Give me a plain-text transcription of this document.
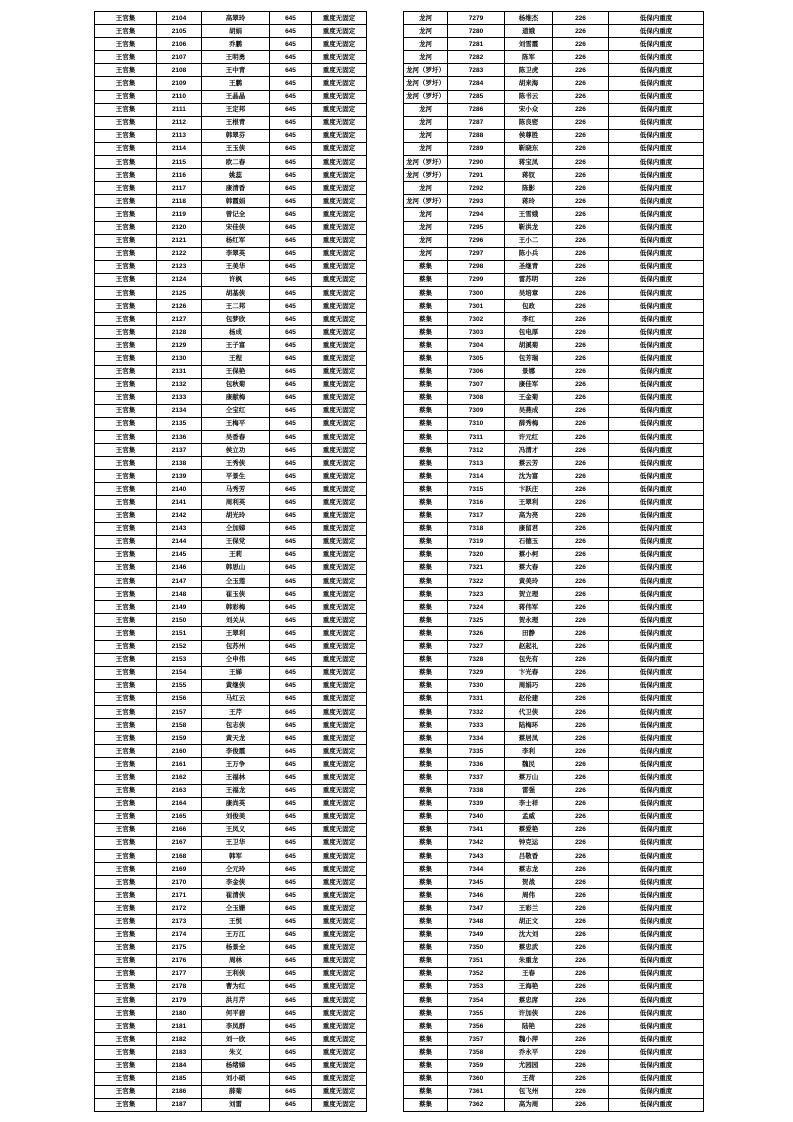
王官集	2104	高翠玲	645	重度无固定
王官集	2105	胡娟	645	重度无固定
王官集	2106	乔鹏	645	重度无固定
王官集	2107	王明勇	645	重度无固定
王官集	2108	王中青	645	重度无固定
王官集	2109	王鹏	645	重度无固定
王官集	2110	王晶晶	645	重度无固定
王官集	2111	王定邦	645	重度无固定
王官集	2112	王根青	645	重度无固定
王官集	2113	韩翠芬	645	重度无固定
王官集	2114	王玉侠	645	重度无固定
王官集	2115	欧二春	645	重度无固定
王官集	2116	姚蕊	645	重度无固定
王官集	2117	康清香	645	重度无固定
王官集	2118	韩霞娟	645	重度无固定
王官集	2119	曾记全	645	重度无固定
王官集	2120	宋佳侠	645	重度无固定
王官集	2121	杨红军	645	重度无固定
王官集	2122	李翠英	645	重度无固定
王官集	2123	王美华	645	重度无固定
王官集	2124	许枫	645	重度无固定
王官集	2125	胡基侠	645	重度无固定
王官集	2126	王二邦	645	重度无固定
王官集	2127	包梦欣	645	重度无固定
王官集	2128	杨成	645	重度无固定
王官集	2129	王子富	645	重度无固定
王官集	2130	王程	645	重度无固定
王官集	2131	王保艳	645	重度无固定
王官集	2132	包秋菊	645	重度无固定
王官集	2133	康献梅	645	重度无固定
王官集	2134	仝宝红	645	重度无固定
王官集	2135	王梅平	645	重度无固定
王官集	2136	吴香春	645	重度无固定
王官集	2137	侯立功	645	重度无固定
王官集	2138	王秀侠	645	重度无固定
王官集	2139	平景生	645	重度无固定
王官集	2140	马秀芳	645	重度无固定
王官集	2141	周利英	645	重度无固定
王官集	2142	胡光玲	645	重度无固定
王官集	2143	仝加娣	645	重度无固定
王官集	2144	王保党	645	重度无固定
王官集	2145	王莉	645	重度无固定
王官集	2146	韩思山	645	重度无固定
王官集	2147	仝玉莲	645	重度无固定
王官集	2148	崔玉侠	645	重度无固定
王官集	2149	韩彩梅	645	重度无固定
王官集	2150	刘关从	645	重度无固定
王官集	2151	王翠利	645	重度无固定
王官集	2152	包苏州	645	重度无固定
王官集	2153	仝申伟	645	重度无固定
王官集	2154	王娣	645	重度无固定
王官集	2155	黄继侠	645	重度无固定
王官集	2156	马红云	645	重度无固定
王官集	2157	王芹	645	重度无固定
王官集	2158	包志侠	645	重度无固定
王官集	2159	黄天龙	645	重度无固定
王官集	2160	李俊霞	645	重度无固定
王官集	2161	王万争	645	重度无固定
王官集	2162	王福林	645	重度无固定
王官集	2163	王福龙	645	重度无固定
王官集	2164	康尚英	645	重度无固定
王官集	2165	刘俊美	645	重度无固定
王官集	2166	王凤义	645	重度无固定
王官集	2167	王卫华	645	重度无固定
王官集	2168	韩军	645	重度无固定
王官集	2169	仝元玲	645	重度无固定
王官集	2170	李金侠	645	重度无固定
王官集	2171	崔清侠	645	重度无固定
王官集	2172	仝玉姗	645	重度无固定
王官集	2173	王悦	645	重度无固定
王官集	2174	王万江	645	重度无固定
王官集	2175	杨景全	645	重度无固定
王官集	2176	周林	645	重度无固定
王官集	2177	王利侠	645	重度无固定
王官集	2178	曹为红	645	重度无固定
王官集	2179	洪月芹	645	重度无固定
王官集	2180	何平碧	645	重度无固定
王官集	2181	李凤群	645	重度无固定
王官集	2182	刘一欣	645	重度无固定
王官集	2183	朱义	645	重度无固定
王官集	2184	杨绪娣	645	重度无固定
王官集	2185	刘小硕	645	重度无固定
王官集	2186	薛菊	645	重度无固定
王官集	2187	刘雷	645	重度无固定
龙河	7279	杨维杰	226	低保内重度
龙河	7280	道娥	226	低保内重度
龙河	7281	刘雪霞	226	低保内重度
龙河	7282	陈军	226	低保内重度
龙河（罗圩）	7283	陈卫虎	226	低保内重度
龙河（罗圩）	7284	胡来海	226	低保内重度
龙河（罗圩）	7285	陈书云	226	低保内重度
龙河	7286	宋小众	226	低保内重度
龙河	7287	陈良密	226	低保内重度
龙河	7288	侯尊胜	226	低保内重度
龙河	7289	靳晓东	226	低保内重度
龙河（罗圩）	7290	蒋宝凤	226	低保内重度
龙河（罗圩）	7291	蒋钗	226	低保内重度
龙河	7292	陈影	226	低保内重度
龙河（罗圩）	7293	蒋玲	226	低保内重度
龙河	7294	王雪娥	226	低保内重度
龙河	7295	靳洪龙	226	低保内重度
龙河	7296	王小二	226	低保内重度
龙河	7297	陈小兵	226	低保内重度
蔡集	7298	圣继青	226	低保内重度
蔡集	7299	雷苏明	226	低保内重度
蔡集	7300	吴培章	226	低保内重度
蔡集	7301	包政	226	低保内重度
蔡集	7302	李红	226	低保内重度
蔡集	7303	包电厚	226	低保内重度
蔡集	7304	胡溪菊	226	低保内重度
蔡集	7305	包芳瑞	226	低保内重度
蔡集	7306	景娜	226	低保内重度
蔡集	7307	康佳军	226	低保内重度
蔡集	7308	王金菊	226	低保内重度
蔡集	7309	吴燕成	226	低保内重度
蔡集	7310	薛秀梅	226	低保内重度
蔡集	7311	许元红	226	低保内重度
蔡集	7312	冯清才	226	低保内重度
蔡集	7313	蔡云芳	226	低保内重度
蔡集	7314	沈为富	226	低保内重度
蔡集	7315	卞跃庄	226	低保内重度
蔡集	7316	王翠利	226	低保内重度
蔡集	7317	高为亮	226	低保内重度
蔡集	7318	康留君	226	低保内重度
蔡集	7319	石德玉	226	低保内重度
蔡集	7320	蔡小柯	226	低保内重度
蔡集	7321	蔡大春	226	低保内重度
蔡集	7322	黄美玲	226	低保内重度
蔡集	7323	贺立理	226	低保内重度
蔡集	7324	蒋伟军	226	低保内重度
蔡集	7325	贺永理	226	低保内重度
蔡集	7326	田静	226	低保内重度
蔡集	7327	赵起礼	226	低保内重度
蔡集	7328	包先有	226	低保内重度
蔡集	7329	卞光春	226	低保内重度
蔡集	7330	周娟巧	226	低保内重度
蔡集	7331	赵伦建	226	低保内重度
蔡集	7332	代卫侠	226	低保内重度
蔡集	7333	陆梅环	226	低保内重度
蔡集	7334	蔡居凤	226	低保内重度
蔡集	7335	李利	226	低保内重度
蔡集	7336	魏民	226	低保内重度
蔡集	7337	蔡万山	226	低保内重度
蔡集	7338	雷强	226	低保内重度
蔡集	7339	李士祥	226	低保内重度
蔡集	7340	孟威	226	低保内重度
蔡集	7341	蔡爱艳	226	低保内重度
蔡集	7342	钟克运	226	低保内重度
蔡集	7343	吕敬香	226	低保内重度
蔡集	7344	蔡志龙	226	低保内重度
蔡集	7345	贺战	226	低保内重度
蔡集	7346	周伟	226	低保内重度
蔡集	7347	王彩兰	226	低保内重度
蔡集	7348	胡正文	226	低保内重度
蔡集	7349	沈大刘	226	低保内重度
蔡集	7350	蔡忠武	226	低保内重度
蔡集	7351	朱重龙	226	低保内重度
蔡集	7352	王春	226	低保内重度
蔡集	7353	王海艳	226	低保内重度
蔡集	7354	蔡忠席	226	低保内重度
蔡集	7355	许加侠	226	低保内重度
蔡集	7356	陆艳	226	低保内重度
蔡集	7357	魏小萍	226	低保内重度
蔡集	7358	乔永平	226	低保内重度
蔡集	7359	尤园园	226	低保内重度
蔡集	7360	王荷	226	低保内重度
蔡集	7361	包飞州	226	低保内重度
蔡集	7362	高为周	226	低保内重度
